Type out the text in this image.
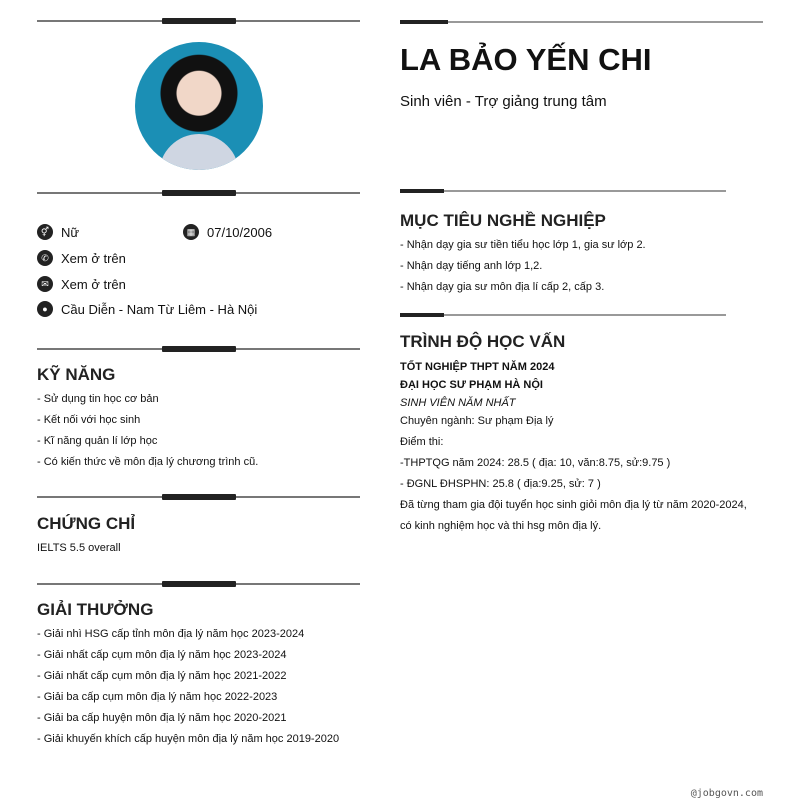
⚥ Nữ	▦ 07/10/2006
✆ Xem ở trên
✉ Xem ở trên
●	Cầu Diễn - Nam Từ Liêm - Hà Nội
KỸ NĂNG
- Sử dụng tin học cơ bản
- Kết nối với học sinh
- Kĩ năng quản lí lớp học
- Có kiến thức về môn địa lý chương trình cũ.
CHỨNG CHỈ
IELTS 5.5 overall
GIẢI THƯỞNG
- Giải nhì HSG cấp tỉnh môn địa lý năm học 2023-2024
- Giải nhất cấp cụm môn địa lý năm học 2023-2024
- Giải nhất cấp cụm môn địa lý năm học 2021-2022
- Giải ba cấp cụm môn địa lý năm học 2022-2023
- Giải ba cấp huyện môn địa lý năm học 2020-2021
- Giải khuyến khích cấp huyện môn địa lý năm học 2019-2020
LA BẢO YẾN CHI
Sinh viên - Trợ giảng trung tâm
MỤC TIÊU NGHỀ NGHIỆP
- Nhận dạy gia sư tiền tiểu học lớp 1, gia sư lớp 2.
- Nhận dạy tiếng anh lớp 1,2.
- Nhận dạy gia sư môn địa lí cấp 2, cấp 3.
TRÌNH ĐỘ HỌC VẤN
TỐT NGHIỆP THPT NĂM 2024
ĐẠI HỌC SƯ PHẠM HÀ NỘI
SINH VIÊN NĂM NHẤT
Chuyên ngành: Sư phạm Địa lý
Điểm thi:
-THPTQG năm 2024: 28.5 ( địa: 10, văn:8.75, sử:9.75 )
- ĐGNL ĐHSPHN: 25.8 ( địa:9.25, sử: 7 )
Đã từng tham gia đội tuyển học sinh giỏi môn địa lý từ năm 2020-2024,
có kinh nghiệm học và thi hsg môn địa lý.
@jobgovn.com
